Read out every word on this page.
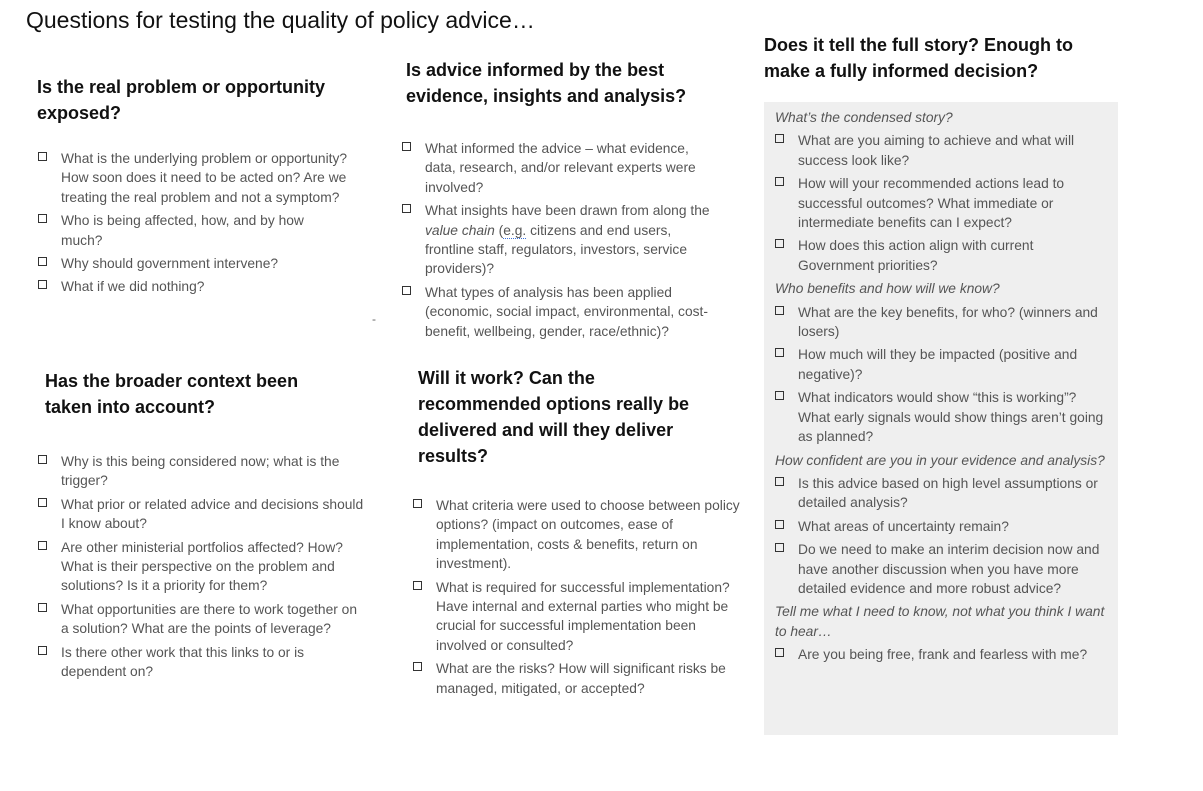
Questions for testing the quality of policy advice…
Is the real problem or opportunity exposed?
What is the underlying problem or opportunity? How soon does it need to be acted on? Are we treating the real problem and not a symptom?
Who is being affected, how, and by how much?
Why should government intervene?
What if we did nothing?
Is advice informed by the best evidence, insights and analysis?
What informed the advice – what evidence, data, research, and/or relevant experts were involved?
What insights have been drawn from along the value chain (e.g. citizens and end users, frontline staff, regulators, investors, service providers)?
What types of analysis has been applied (economic, social impact, environmental, cost-benefit, wellbeing, gender, race/ethnic)?
-
Does it tell the full story? Enough to make a fully informed decision?
What’s the condensed story?
What are you aiming to achieve and what will success look like?
How will your recommended actions lead to successful outcomes? What immediate or intermediate benefits can I expect?
How does this action align with current Government priorities?
Who benefits and how will we know?
What are the key benefits, for who? (winners and losers)
How much will they be impacted (positive and negative)?
What indicators would show “this is working”? What early signals would show things aren’t going as planned?
How confident are you in your evidence and analysis?
Is this advice based on high level assumptions or detailed analysis?
What areas of uncertainty remain?
Do we need to make an interim decision now and have another discussion when you have more detailed evidence and more robust advice?
Tell me what I need to know, not what you think I want to hear…
Are you being free, frank and fearless with me?
Has the broader context been taken into account?
Why is this being considered now; what is the trigger?
What prior or related advice and decisions should I know about?
Are other ministerial portfolios affected? How? What is their perspective on the problem and solutions? Is it a priority for them?
What opportunities are there to work together on a solution? What are the points of leverage?
Is there other work that this links to or is dependent on?
Will it work? Can the recommended options really be delivered and will they deliver results?
What criteria were used to choose between policy options? (impact on outcomes, ease of implementation, costs & benefits, return on investment).
What is required for successful implementation? Have internal and external parties who might be crucial for successful implementation been involved or consulted?
What are the risks? How will significant risks be managed, mitigated, or accepted?
